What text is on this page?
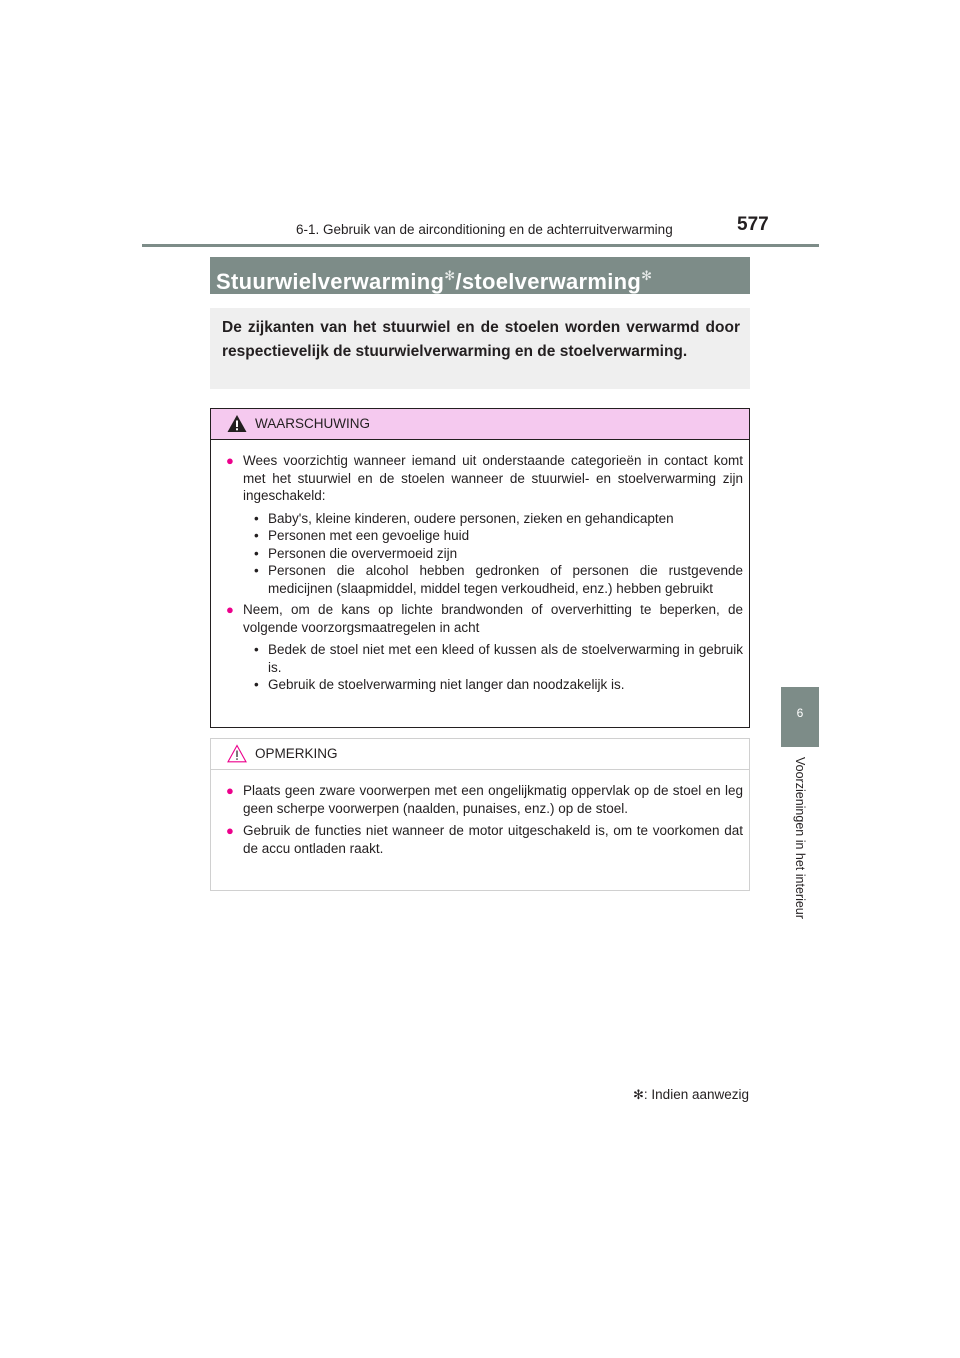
6-1. Gebruik van de airconditioning en de achterruitverwarming	577
6
Voorzieningen in het interieur
Stuurwielverwarming✻/stoelverwarming✻
De zijkanten van het stuurwiel en de stoelen worden verwarmd door respectievelijk de stuurwielverwarming en de stoelverwarming.
WAARSCHUWING
● Wees voorzichtig wanneer iemand uit onderstaande categorieën in contact komt met het stuurwiel en de stoelen wanneer de stuurwiel- en stoelverwarming zijn ingeschakeld:
• Baby's, kleine kinderen, oudere personen, zieken en gehandicapten
• Personen met een gevoelige huid
• Personen die oververmoeid zijn
• Personen die alcohol hebben gedronken of personen die rustgevende medicijnen (slaapmiddel, middel tegen verkoudheid, enz.) hebben gebruikt
● Neem, om de kans op lichte brandwonden of oververhitting te beperken, de volgende voorzorgsmaatregelen in acht
• Bedek de stoel niet met een kleed of kussen als de stoelverwarming in gebruik is.
• Gebruik de stoelverwarming niet langer dan noodzakelijk is.
OPMERKING
● Plaats geen zware voorwerpen met een ongelijkmatig oppervlak op de stoel en leg geen scherpe voorwerpen (naalden, punaises, enz.) op de stoel.
● Gebruik de functies niet wanneer de motor uitgeschakeld is, om te voorkomen dat de accu ontladen raakt.
✻: Indien aanwezig
